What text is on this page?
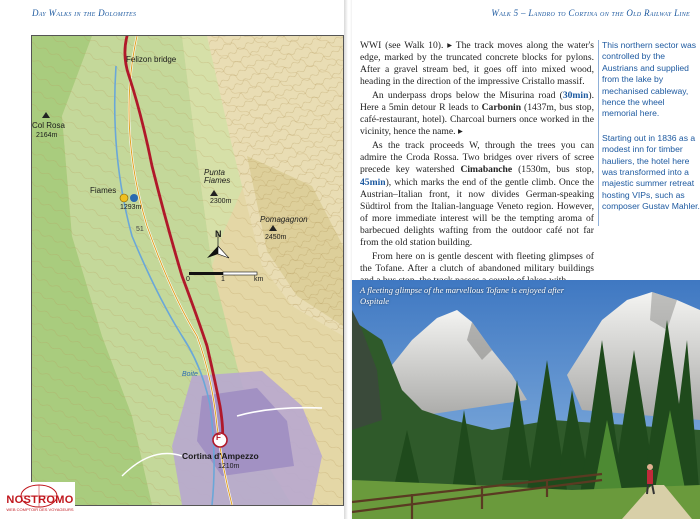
Day Walks in the Dolomites
Felizon bridge
Col Rosa
2164m
Fiames
1293m
Punta
Fiames
2300m
Pomagagnon
2450m
N
0	1	km
51
Boite
F
Cortina d'Ampezzo
1210m
NOSTROMO
WEB COMPTOIR DES VOYAGEURS
Walk 5 – Landro to Cortina on the Old Railway Line

WWI (see Walk 10). ▸ The track moves along the water's edge, marked by the truncated concrete blocks for pylons. After a gravel stream bed, it goes off into mixed wood, heading in the direction of the impressive Cristallo massif.

An underpass drops below the Misurina road (30min). Here a 5min detour R leads to Carbonin (1437m, bus stop, café-restaurant, hotel). Charcoal burners once worked in the vicinity, hence the name. ▸

As the track proceeds W, through the trees you can admire the Croda Rossa. Two bridges over rivers of scree precede key watershed Cimabanche (1530m, bus stop, 45min), which marks the end of the gentle climb. Once the Austrian–Italian front, it now divides German-speaking Südtirol from the Italian-language Veneto region. However, of more immediate interest will be the tempting aroma of barbecued delights wafting from the outdoor café not far from the old station building.

From here on is gentle descent with fleeting glimpses of the Tofane. After a clutch of abandoned military buildings

This northern sector was controlled by the Austrians and supplied from the lake by mechanised cableway, hence the wheel memorial here.

Starting out in 1836 as a modest inn for timber hauliers, the hotel here was transformed into a majestic summer retreat hosting VIPs, such as composer Gustav Mahler.

A fleeting glimpse of the marvellous Tofane is enjoyed after Ospitale
